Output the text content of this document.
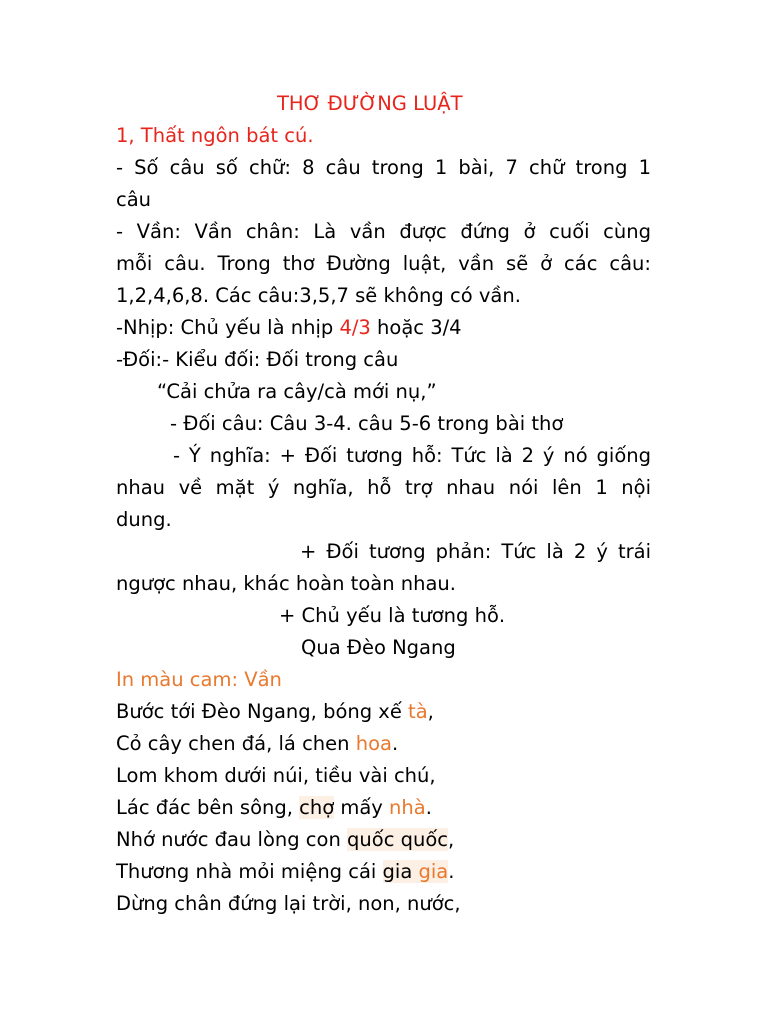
THƠ ĐƯỜNG LUẬT
1, Thất ngôn bát cú.
- Số câu số chữ: 8 câu trong 1 bài, 7 chữ trong 1
câu
- Vần: Vần chân: Là vần được đứng ở cuối cùng
mỗi câu. Trong thơ Đường luật, vần sẽ ở các câu:
1,2,4,6,8. Các câu:3,5,7 sẽ không có vần.
-Nhịp: Chủ yếu là nhịp 4/3 hoặc 3/4
-Đối:- Kiểu đối: Đối trong câu
“Cải chửa ra cây/cà mới nụ,”
- Đối câu: Câu 3-4. câu 5-6 trong bài thơ
- Ý nghĩa: + Đối tương hỗ: Tức là 2 ý nó giống
nhau về mặt ý nghĩa, hỗ trợ nhau nói lên 1 nội
dung.
+ Đối tương phản: Tức là 2 ý trái
ngược nhau, khác hoàn toàn nhau.
+ Chủ yếu là tương hỗ.
Qua Đèo Ngang
In màu cam: Vần
Bước tới Đèo Ngang, bóng xế tà,
Cỏ cây chen đá, lá chen hoa.
Lom khom dưới núi, tiều vài chú,
Lác đác bên sông, chợ mấy nhà.
Nhớ nước đau lòng con quốc quốc,
Thương nhà mỏi miệng cái gia gia.
Dừng chân đứng lại trời, non, nước,
